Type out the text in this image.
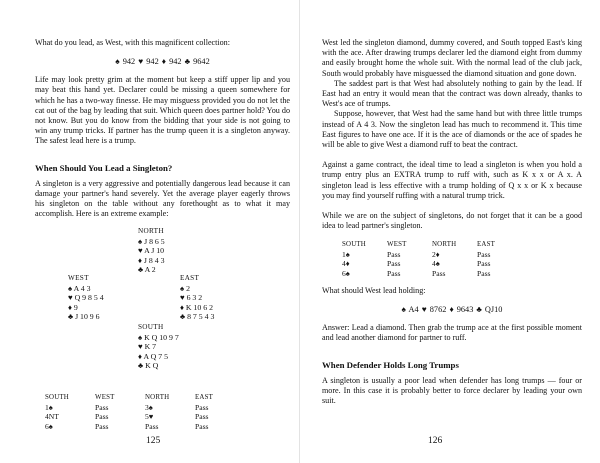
What do you lead, as West, with this magnificent collection:

♠ 942 ♥ 942 ♦ 942 ♣ 9642

Life may look pretty grim at the moment but keep a stiff upper lip and you may beat this hand yet. Declarer could be missing a queen somewhere for which he has a two-way finesse. He may misguess provided you do not let the cat out of the bag by leading that suit. Which queen does partner hold? You do not know. But you do know from the bidding that your side is not going to win any trump tricks. If partner has the trump queen it is a singleton anyway. The safest lead here is a trump.

When Should You Lead a Singleton?

A singleton is a very aggressive and potentially dangerous lead because it can damage your partner's hand severely. Yet the average player eagerly throws his singleton on the table without any forethought as to what it may accomplish. Here is an extreme example:

NORTH
♠ J 8 6 5
♥ A J 10
♦ J 8 4 3
♣ A 2
WEST
♠ A 4 3
♥ Q 9 8 5 4
♦ 9
♣ J 10 9 6
EAST
♠ 2
♥ 6 3 2
♦ K 10 6 2
♣ 8 7 5 4 3
SOUTH
♠ K Q 10 9 7
♥ K 7
♦ A Q 7 5
♣ K Q
SOUTH	WEST	NORTH	EAST
1♠	Pass	3♠	Pass
4NT	Pass	5♥	Pass
6♠	Pass	Pass	Pass
125

West led the singleton diamond, dummy covered, and South topped East's king with the ace. After drawing trumps declarer led the diamond eight from dummy and easily brought home the whole suit. With the normal lead of the club jack, South would probably have misguessed the diamond situation and gone down.

The saddest part is that West had absolutely nothing to gain by the lead. If East had an entry it would mean that the contract was down already, thanks to West's ace of trumps.

Suppose, however, that West had the same hand but with three little trumps instead of A 4 3. Now the singleton lead has much to recommend it. This time East figures to have one ace. If it is the ace of diamonds or the ace of spades he will be able to give West a diamond ruff to beat the contract.

Against a game contract, the ideal time to lead a singleton is when you hold a trump entry plus an EXTRA trump to ruff with, such as K x x or A x. A singleton lead is less effective with a trump holding of Q x x or K x because you may find yourself ruffing with a natural trump trick.

While we are on the subject of singletons, do not forget that it can be a good idea to lead partner's singleton.

SOUTH	WEST	NORTH	EAST
1♠	Pass	2♦	Pass
4♦	Pass	4♠	Pass
6♠	Pass	Pass	Pass

What should West lead holding:

♠ A4 ♥ 8762 ♦ 9643 ♣ QJ10

Answer: Lead a diamond. Then grab the trump ace at the first possible moment and lead another diamond for partner to ruff.

When Defender Holds Long Trumps

A singleton is usually a poor lead when defender has long trumps — four or more. In this case it is probably better to force declarer by leading your own suit.

126
